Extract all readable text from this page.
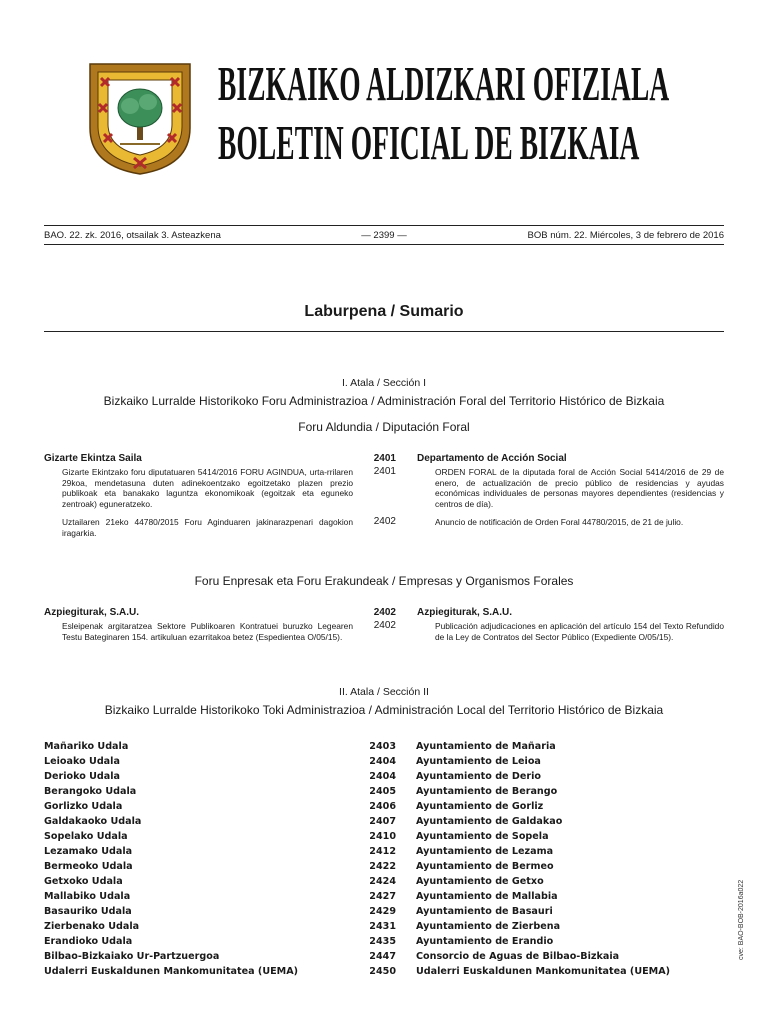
BIZKAIKO ALDIZKARI OFIZIALA
BOLETIN OFICIAL DE BIZKAIA
BAO. 22. zk. 2016, otsailak 3. Asteazkena	— 2399 —	BOB núm. 22. Miércoles, 3 de febrero de 2016
Laburpena / Sumario
I. Atala / Sección I
Bizkaiko Lurralde Historikoko Foru Administrazioa / Administración Foral del Territorio Histórico de Bizkaia
Foru Aldundia / Diputación Foral
Gizarte Ekintza Saila	2401 Departamento de Acción Social
Gizarte Ekintzako foru diputatuaren 5414/2016 FORU AGINDUA, urta-rrilaren 29koa, mendetasuna duten adinekoentzako egoitzetako plazen prezio publikoak eta banakako laguntza ekonomikoak (egoitzak eta eguneko zentroak) eguneratzeko.
2401	ORDEN FORAL de la diputada foral de Acción Social 5414/2016 de 29 de enero, de actualización de precio público de residencias y ayudas económicas individuales de personas mayores dependientes (residencias y centros de día).
Uztailaren 21eko 44780/2015 Foru Aginduaren jakinarazpenari dagokion iragarkia.
2402	Anuncio de notificación de Orden Foral 44780/2015, de 21 de julio.
Foru Enpresak eta Foru Erakundeak / Empresas y Organismos Forales
Azpiegiturak, S.A.U.	2402 Azpiegiturak, S.A.U.
Esleipenak argitaratzea Sektore Publikoaren Kontratuei buruzko Legearen Testu Bateginaren 154. artikuluan ezarritakoa betez (Espedientea O/05/15).
2402	Publicación adjudicaciones en aplicación del artículo 154 del Texto Refundido de la Ley de Contratos del Sector Público (Expediente O/05/15).
II. Atala / Sección II
Bizkaiko Lurralde Historikoko Toki Administrazioa / Administración Local del Territorio Histórico de Bizkaia
Mañariko Udala	2403 Ayuntamiento de Mañaria
Leioako Udala	2404 Ayuntamiento de Leioa
Derioko Udala	2404 Ayuntamiento de Derio
Berangoko Udala	2405 Ayuntamiento de Berango
Gorlizko Udala	2406 Ayuntamiento de Gorliz
Galdakaoko Udala	2407 Ayuntamiento de Galdakao
Sopelako Udala	2410 Ayuntamiento de Sopela
Lezamako Udala	2412 Ayuntamiento de Lezama
Bermeoko Udala	2422 Ayuntamiento de Bermeo
Getxoko Udala	2424 Ayuntamiento de Getxo
Mallabiko Udala	2427 Ayuntamiento de Mallabia
Basauriko Udala	2429 Ayuntamiento de Basauri
Zierbenako Udala	2431 Ayuntamiento de Zierbena
Erandioko Udala	2435 Ayuntamiento de Erandio
Bilbao-Bizkaiako Ur-Partzuergoa	2447 Consorcio de Aguas de Bilbao-Bizkaia
Udalerri Euskaldunen Mankomunitatea (UEMA)	2450 Udalerri Euskaldunen Mankomunitatea (UEMA)
cve: BAO-BOB-2016a022
